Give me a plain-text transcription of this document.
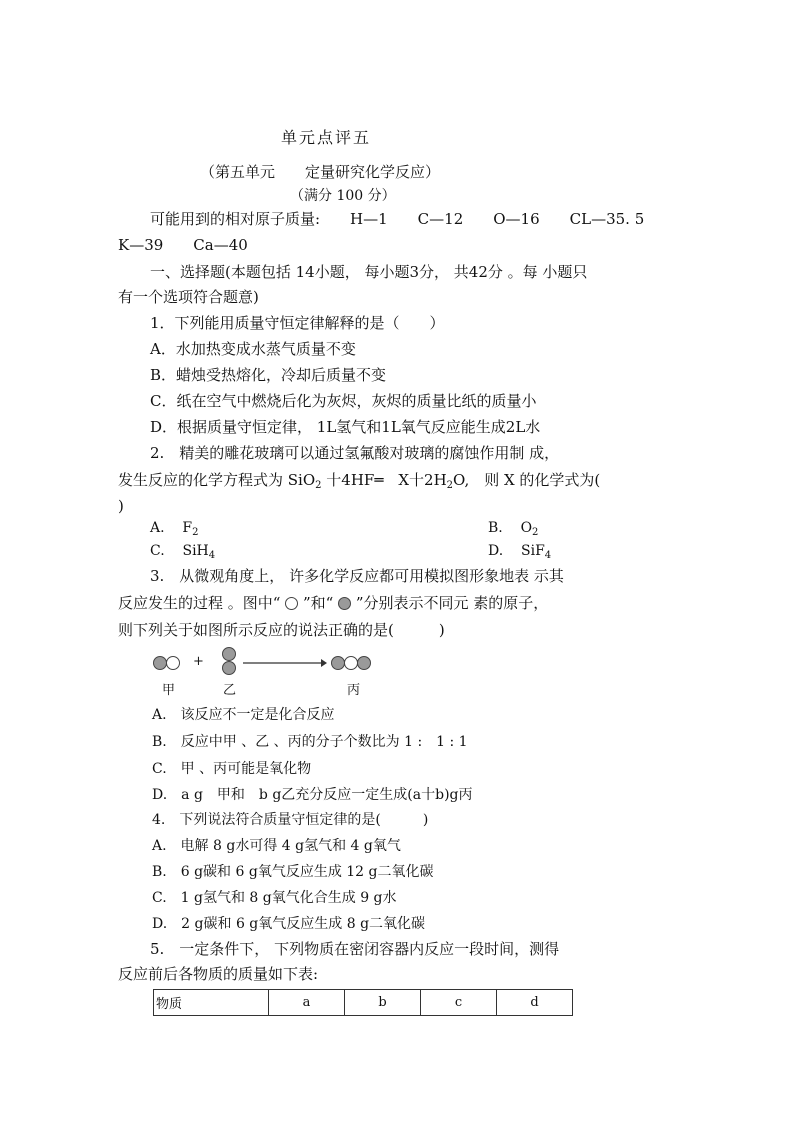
单元点评五
（第五单元　　定量研究化学反应）
（满分 100 分）
可能用到的相对原子质量:　　H—1　　C—12　　O—16　　CL—35. 5
K—39　　Ca—40
一、选择题(本题包括 14小题， 每小题3分， 共42分 。每 小题只
有一个选项符合题意)
1．下列能用质量守恒定律解释的是（　　）
A．水加热变成水蒸气质量不变
B．蜡烛受热熔化，冷却后质量不变
C．纸在空气中燃烧后化为灰烬，灰烬的质量比纸的质量小
D．根据质量守恒定律， 1L氢气和1L氧气反应能生成2L水
2.　精美的雕花玻璃可以通过氢氟酸对玻璃的腐蚀作用制 成，
发生反应的化学方程式为 SiO$_2$ 十4HF═　X十$2H_2O$,　则 X 的化学式为(
)
A. $F_2$	B. $O_2$
C. SiH$_4$	D. SiF$_4$
3.　从微观角度上， 许多化学反应都可用模拟图形象地表 示其
反应发生的过程 。图中“  ”和“  ”分别表示不同元 素的原子，
则下列关于如图所示反应的说法正确的是(　　　)
+
甲	乙	丙
A.　该反应不一定是化合反应
B.　反应中甲 、乙 、丙的分子个数比为 1 :　1 : 1
C.　甲 、丙可能是氧化物
D.　a g　甲和　b g乙充分反应一定生成(a十b)g丙
4.　下列说法符合质量守恒定律的是(　　　)
A.　电解 8 g水可得 4 g氢气和 4 g氧气
B.　6 g碳和 6 g氧气反应生成 12 g二氧化碳
C.　1 g氢气和 8 g氧气化合生成 9 g水
D.　2 g碳和 6 g氧气反应生成 8 g二氧化碳
5.　一定条件下， 下列物质在密闭容器内反应一段时间，测得
反应前后各物质的质量如下表:
物质	a	b	c	d
